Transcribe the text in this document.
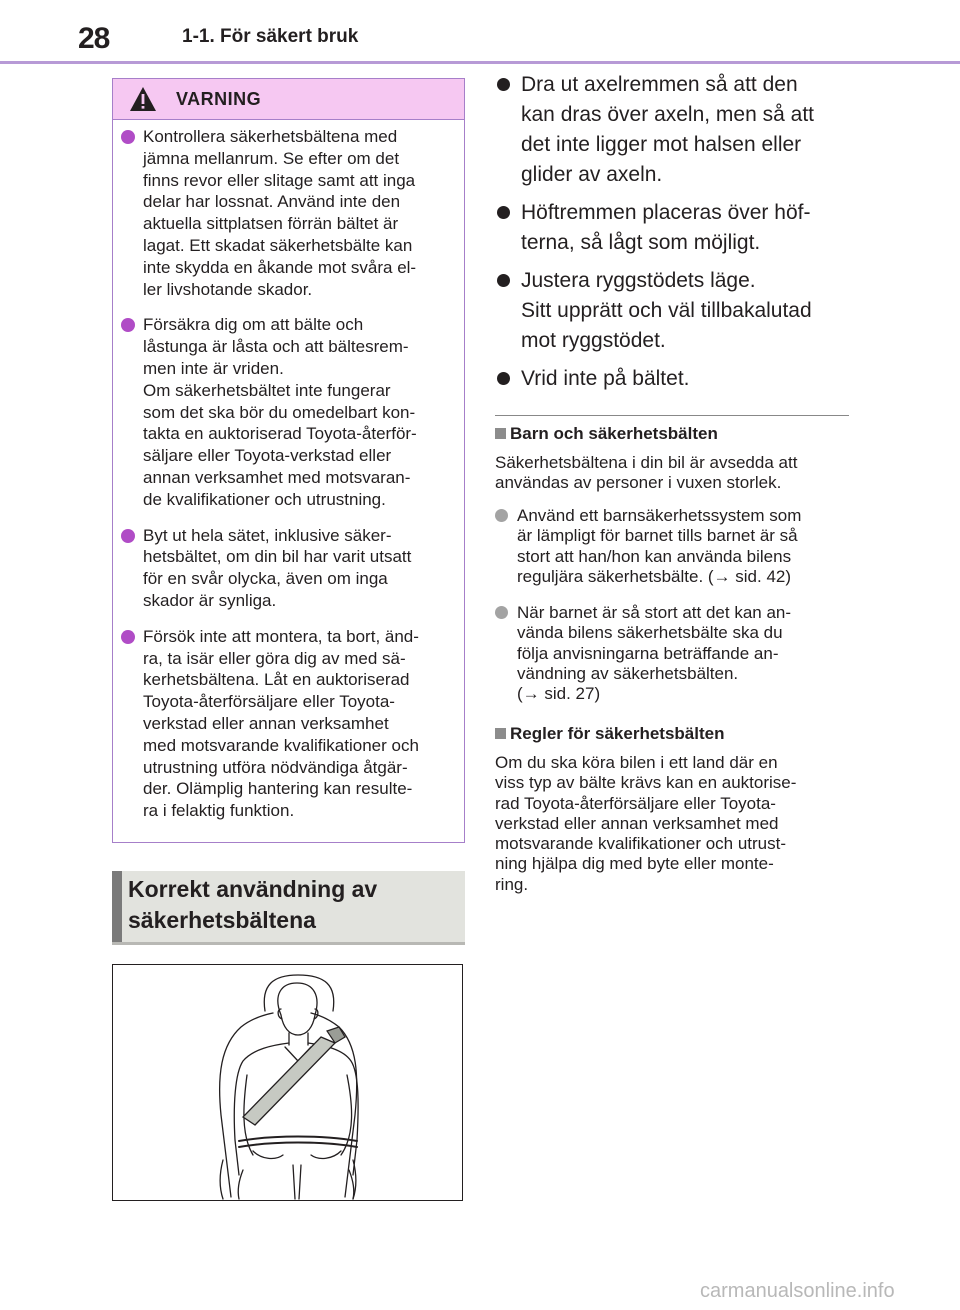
28	1-1. För säkert bruk
VARNING
Kontrollera säkerhetsbältena med
jämna mellanrum. Se efter om det
finns revor eller slitage samt att inga
delar har lossnat. Använd inte den
aktuella sittplatsen förrän bältet är
lagat. Ett skadat säkerhetsbälte kan
inte skydda en åkande mot svåra el-
ler livshotande skador.
Försäkra dig om att bälte och
låstunga är låsta och att bältesrem-
men inte är vriden.
Om säkerhetsbältet inte fungerar
som det ska bör du omedelbart kon-
takta en auktoriserad Toyota-återför-
säljare eller Toyota-verkstad eller
annan verksamhet med motsvaran-
de kvalifikationer och utrustning.
Byt ut hela sätet, inklusive säker-
hetsbältet, om din bil har varit utsatt
för en svår olycka, även om inga
skador är synliga.
Försök inte att montera, ta bort, änd-
ra, ta isär eller göra dig av med sä-
kerhetsbältena. Låt en auktoriserad
Toyota-återförsäljare eller Toyota-
verkstad eller annan verksamhet
med motsvarande kvalifikationer och
utrustning utföra nödvändiga åtgär-
der. Olämplig hantering kan resulte-
ra i felaktig funktion.
Korrekt användning av
säkerhetsbältena
Dra ut axelremmen så att den
kan dras över axeln, men så att
det inte ligger mot halsen eller
glider av axeln.
Höftremmen placeras över höf-
terna, så lågt som möjligt.
Justera ryggstödets läge.
Sitt upprätt och väl tillbakalutad
mot ryggstödet.
Vrid inte på bältet.
Barn och säkerhetsbälten
Säkerhetsbältena i din bil är avsedda att
användas av personer i vuxen storlek.
Använd ett barnsäkerhetssystem som
är lämpligt för barnet tills barnet är så
stort att han/hon kan använda bilens
reguljära säkerhetsbälte. (→ sid. 42)
När barnet är så stort att det kan an-
vända bilens säkerhetsbälte ska du
följa anvisningarna beträffande an-
vändning av säkerhetsbälten.
(→ sid. 27)
Regler för säkerhetsbälten
Om du ska köra bilen i ett land där en
viss typ av bälte krävs kan en auktorise-
rad Toyota-återförsäljare eller Toyota-
verkstad eller annan verksamhet med
motsvarande kvalifikationer och utrust-
ning hjälpa dig med byte eller monte-
ring.
carmanualsonline.info
